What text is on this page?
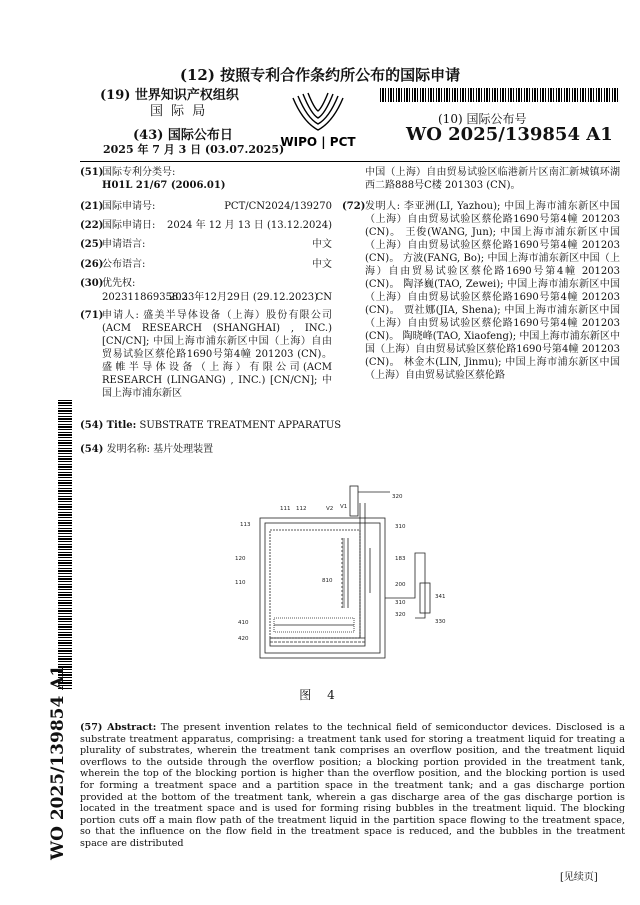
(12) 按照专利合作条约所公布的国际申请
(19) 世界知识产权组织
国 际 局
(43) 国际公布日
2025 年 7 月 3 日 (03.07.2025)
WIPO | PCT
(10) 国际公布号
WO 2025/139854 A1
(51)
国际专利分类号:
H01L 21/67 (2006.01)
(21)
国际申请号:	PCT/CN2024/139270
(22)
国际申请日: 2024 年 12 月 13 日 (13.12.2024)
(25)
申请语言:	中文
(26)
公布语言:	中文
(30)
优先权:
202311869358.3
2023年12月29日 (29.12.2023)
CN
(71)
申请人: 盛美半导体设备（上海）股份有限公司(ACM RESEARCH (SHANGHAI) , INC.) [CN/CN]; 中国上海市浦东新区中国（上海）自由贸易试验区蔡伦路1690号第4幢 201203 (CN)。 盛帷半导体设备（上海）有限公司(ACM RESEARCH (LINGANG) , INC.) [CN/CN]; 中国上海市浦东新区
中国（上海）自由贸易试验区临港新片区南汇新城镇环湖西二路888号C楼 201303 (CN)。
(72) 发明人: 李亚洲(LI, Yazhou); 中国上海市浦东新区中国（上海）自由贸易试验区蔡伦路1690号第4幢 201203 (CN)。 王俊(WANG, Jun); 中国上海市浦东新区中国（上海）自由贸易试验区蔡伦路1690号第4幢 201203 (CN)。 方波(FANG, Bo); 中国上海市浦东新区中国（上海）自由贸易试验区蔡伦路1690号第4幢 201203 (CN)。 陶泽巍(TAO, Zewei); 中国上海市浦东新区中国（上海）自由贸易试验区蔡伦路1690号第4幢 201203 (CN)。 贾社娜(JIA, Shena); 中国上海市浦东新区中国（上海）自由贸易试验区蔡伦路1690号第4幢 201203 (CN)。 陶晓峰(TAO, Xiaofeng); 中国上海市浦东新区中国（上海）自由贸易试验区蔡伦路1690号第4幢 201203 (CN)。 林金木(LIN, Jinmu); 中国上海市浦东新区中国（上海）自由贸易试验区蔡伦路
WO 2025/139854 A1
(54) Title: SUBSTRATE TREATMENT APPARATUS
(54) 发明名称: 基片处理装置
320
111 112	V2 V1
310
113
183
120
810
200
110
310
341
320
330
410
420
图 4
(57) Abstract: The present invention relates to the technical field of semiconductor devices. Disclosed is a substrate treatment apparatus, comprising: a treatment tank used for storing a treatment liquid for treating a plurality of substrates, wherein the treatment tank comprises an overflow position, and the treatment liquid overflows to the outside through the overflow position; a blocking portion provided in the treatment tank, wherein the top of the blocking portion is higher than the overflow position, and the blocking portion is used for forming a treatment space and a partition space in the treatment tank; and a gas discharge portion provided at the bottom of the treatment tank, wherein a gas discharge area of the gas discharge portion is located in the treatment space and is used for forming rising bubbles in the treatment liquid. The blocking portion cuts off a main flow path of the treatment liquid in the partition space flowing to the treatment space, so that the influence on the flow field in the treatment space is reduced, and the bubbles in the treatment space are distributed
[见续页]
